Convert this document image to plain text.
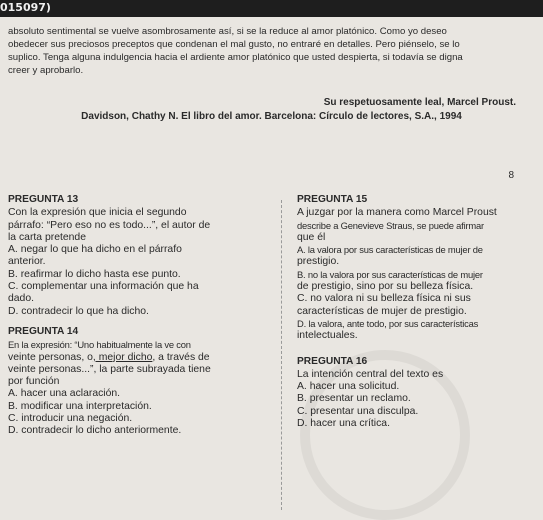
015097)
absoluto sentimental se vuelve asombrosamente así, si se la reduce al amor platónico. Como yo deseo
obedecer sus preciosos preceptos que condenan el mal gusto, no entraré en detalles. Pero piénselo, se lo
suplico. Tenga alguna indulgencia hacia el ardiente amor platónico que usted despierta, si todavía se digna
creer y aprobarlo.
Su respetuosamente leal, Marcel Proust.
Davidson, Chathy N. El libro del amor. Barcelona: Círculo de lectores, S.A., 1994
8
PREGUNTA 13
Con la expresión que inicia el segundo
párrafo: “Pero eso no es todo...”, el autor de
la carta pretende
A. negar lo que ha dicho en el párrafo
anterior.
B. reafirmar lo dicho hasta ese punto.
C. complementar una información que ha
dado.
D. contradecir lo que ha dicho.
PREGUNTA 14
En la expresión: “Uno habitualmente la ve con
veinte personas, o, mejor dicho, a través de
veinte personas...”, la parte subrayada tiene
por función
A. hacer una aclaración.
B. modificar una interpretación.
C. introducir una negación.
D. contradecir lo dicho anteriormente.
PREGUNTA 15
A juzgar por la manera como Marcel Proust
describe a Genevieve Straus, se puede afirmar
que él
A. la valora por sus características de mujer de
prestigio.
B. no la valora por sus características de mujer
de prestigio, sino por su belleza física.
C. no valora ni su belleza física ni sus
características de mujer de prestigio.
D. la valora, ante todo, por sus características
intelectuales.
PREGUNTA 16
La intención central del texto es
A. hacer una solicitud.
B. presentar un reclamo.
C. presentar una disculpa.
D. hacer una crítica.
